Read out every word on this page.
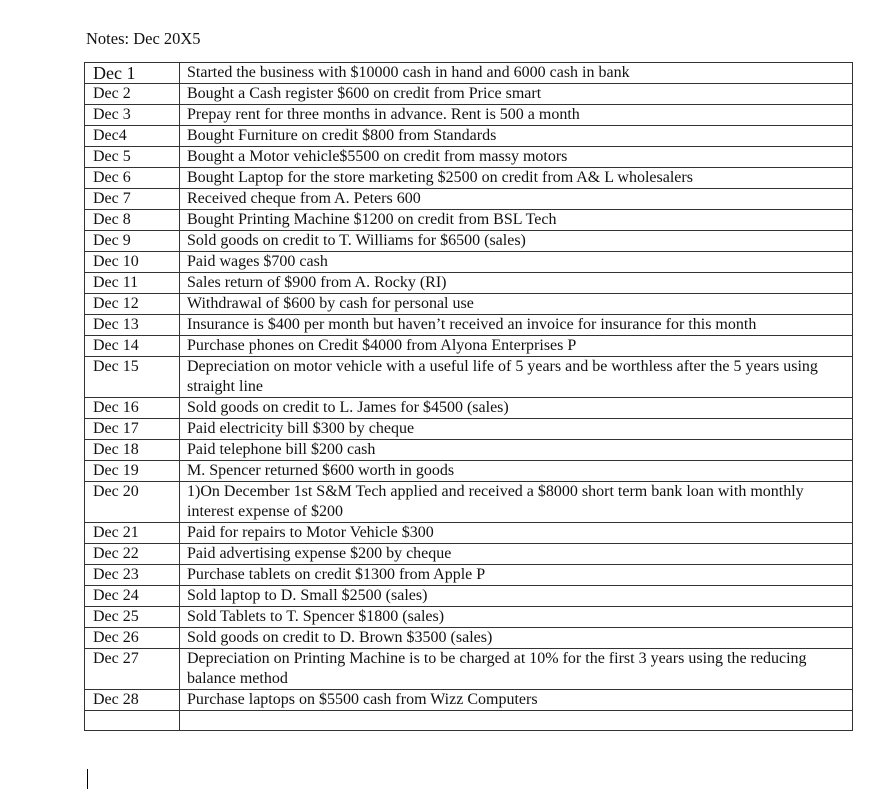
Notes: Dec 20X5
Dec 1	Started the business with $10000 cash in hand and 6000 cash in bank
Dec 2	Bought a Cash register $600 on credit from Price smart
Dec 3	Prepay rent for three months in advance. Rent is 500 a month
Dec4	Bought Furniture on credit $800 from Standards
Dec 5	Bought a Motor vehicle$5500 on credit from massy motors
Dec 6	Bought Laptop for the store marketing $2500 on credit from A& L wholesalers
Dec 7	Received cheque from A. Peters 600
Dec 8	Bought Printing Machine $1200 on credit from BSL Tech
Dec 9	Sold goods on credit to T. Williams for $6500 (sales)
Dec 10	Paid wages $700 cash
Dec 11	Sales return of $900 from A. Rocky (RI)
Dec 12	Withdrawal of $600 by cash for personal use
Dec 13	Insurance is $400 per month but haven’t received an invoice for insurance for this month
Dec 14	Purchase phones on Credit $4000 from Alyona Enterprises P
Dec 15	Depreciation on motor vehicle with a useful life of 5 years and be worthless after the 5 years using straight line
Dec 16	Sold goods on credit to L. James for $4500 (sales)
Dec 17	Paid electricity bill $300 by cheque
Dec 18	Paid telephone bill $200 cash
Dec 19	M. Spencer returned $600 worth in goods
Dec 20	1)On December 1st S&M Tech applied and received a $8000 short term bank loan with monthly interest expense of $200
Dec 21	Paid for repairs to Motor Vehicle $300
Dec 22	Paid advertising expense $200 by cheque
Dec 23	Purchase tablets on credit $1300 from Apple P
Dec 24	Sold laptop to D. Small $2500 (sales)
Dec 25	Sold Tablets to T. Spencer $1800 (sales)
Dec 26	Sold goods on credit to D. Brown $3500 (sales)
Dec 27	Depreciation on Printing Machine is to be charged at 10% for the first 3 years using the reducing balance method
Dec 28	Purchase laptops on $5500 cash from Wizz Computers
